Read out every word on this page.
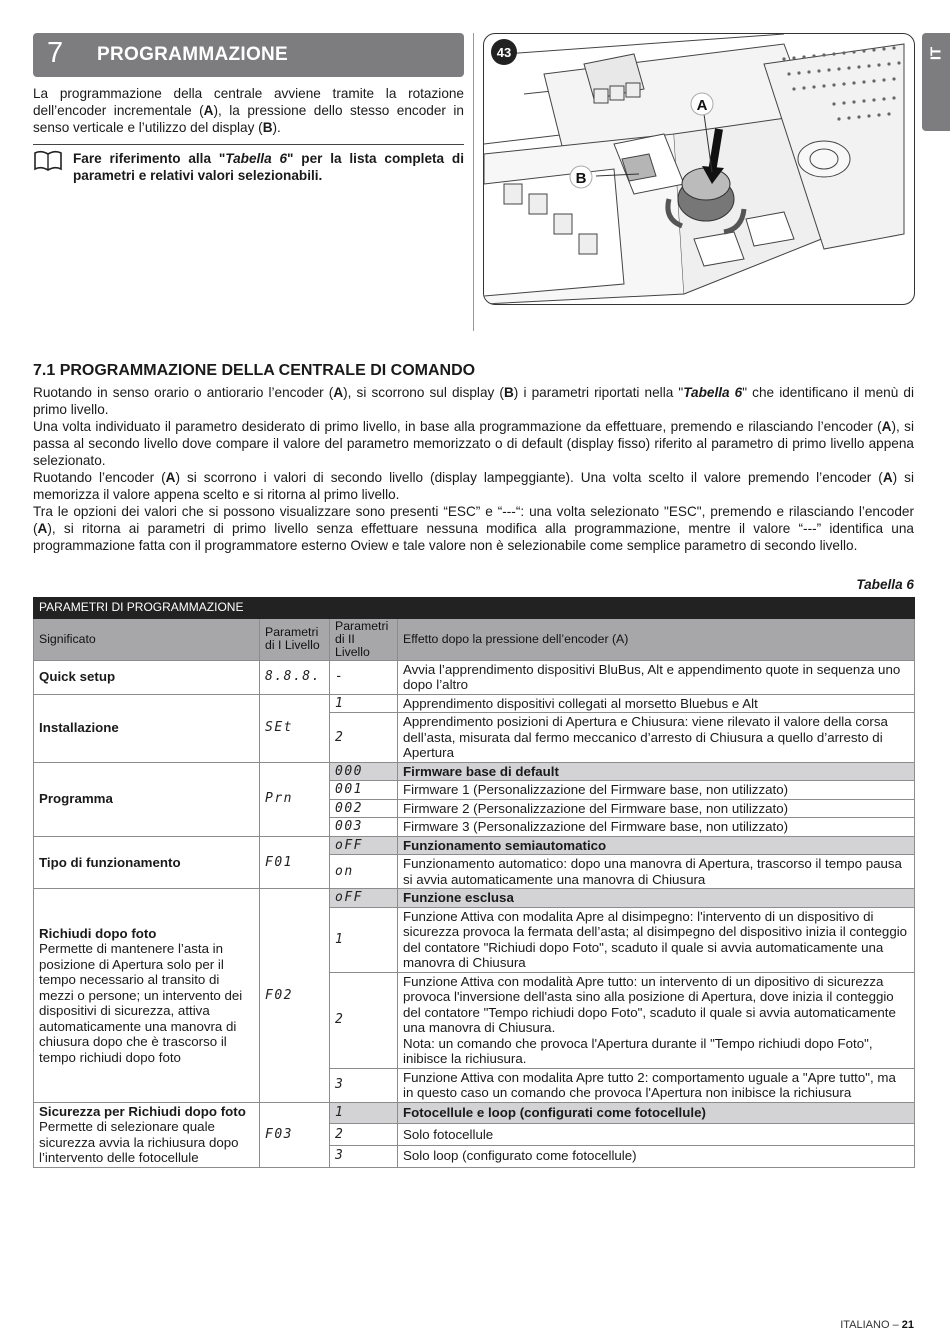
7 PROGRAMMAZIONE	IT
La programmazione della centrale avviene tramite la rotazione dell’encoder incrementale (A), la pressione dello stesso encoder in senso verticale e l’utilizzo del display (B).
Fare riferimento alla "Tabella 6" per la lista completa di parametri e relativi valori selezionabili.
43
A
B
7.1 PROGRAMMAZIONE DELLA CENTRALE DI COMANDO

Ruotando in senso orario o antiorario l’encoder (A), si scorrono sul display (B) i parametri riportati nella "Tabella 6" che identificano il menù di primo livello.

Una volta individuato il parametro desiderato di primo livello, in base alla programmazione da effettuare, premendo e rilasciando l’encoder (A), si passa al secondo livello dove compare il valore del parametro memorizzato o di default (display fisso) riferito al parametro di primo livello appena selezionato.

Ruotando l’encoder (A) si scorrono i valori di secondo livello (display lampeggiante). Una volta scelto il valore premendo l’encoder (A) si memorizza il valore appena scelto e si ritorna al primo livello.

Tra le opzioni dei valori che si possono visualizzare sono presenti “ESC” e “---“: una volta selezionato "ESC", premendo e rilasciando l’encoder (A), si ritorna ai parametri di primo livello senza effettuare nessuna modifica alla programmazione, mentre il valore “---” identifica una programmazione fatta con il programmatore esterno Oview e tale valore non è selezionabile come semplice parametro di secondo livello.

Tabella 6
PARAMETRI DI PROGRAMMAZIONE			
Significato	Parametri di I Livello	Parametri di II Livello	Effetto dopo la pressione dell’encoder (A)

Quick setup	8.8.8.	-	Avvia l’apprendimento dispositivi BluBus, Alt e appendimento quote in sequenza uno dopo l’altro

Installazione	SEt	1	Apprendimento dispositivi collegati al morsetto Bluebus e Alt
		2	Apprendimento posizioni di Apertura e Chiusura: viene rilevato il valore della corsa dell’asta, misurata dal fermo meccanico d’arresto di Chiusura a quello d’arresto di Apertura

Programma	Prn	000	Firmware base di default
		001	Firmware 1 (Personalizzazione del Firmware base, non utilizzato)
		002	Firmware 2 (Personalizzazione del Firmware base, non utilizzato)
		003	Firmware 3 (Personalizzazione del Firmware base, non utilizzato)

Tipo di funzionamento	F01	oFF	Funzionamento semiautomatico
		on	Funzionamento automatico: dopo una manovra di Apertura, trascorso il tempo pausa si avvia automaticamente una manovra di Chiusura

Richiudi dopo foto
Permette di mantenere l’asta in posizione di Apertura solo per il tempo necessario al transito di mezzi o persone; un intervento dei dispositivi di sicurezza, attiva automaticamente una manovra di chiusura dopo che è trascorso il tempo richiudi dopo foto	F02	oFF	Funzione esclusa
		1	Funzione Attiva con modalita Apre al disimpegno: l'intervento di un dispositivo di sicurezza provoca la fermata dell’asta; al disimpegno del dispositivo inizia il conteggio del contatore "Richiudi dopo Foto", scaduto il quale si avvia automaticamente una manovra di Chiusura
		2	Funzione Attiva con modalità Apre tutto: un intervento di un dipositivo di sicurezza provoca l'inversione dell'asta sino alla posizione di Apertura, dove inizia il conteggio del contatore "Tempo richiudi dopo Foto", scaduto il quale si avvia automaticamente una manovra di Chiusura.
Nota: un comando che provoca l'Apertura durante il "Tempo richiudi dopo Foto", inibisce la richiusura.
		3	Funzione Attiva con modalita Apre tutto 2: comportamento uguale a "Apre tutto", ma in questo caso un comando che provoca l'Apertura non inibisce la richiusura

Sicurezza per Richiudi dopo foto
Permette di selezionare quale sicurezza avvia la richiusura dopo l’intervento delle fotocellule	F03	1	Fotocellule e loop (configurati come fotocellule)
		2	Solo fotocellule
		3	Solo loop (configurato come fotocellule)
ITALIANO – 21
